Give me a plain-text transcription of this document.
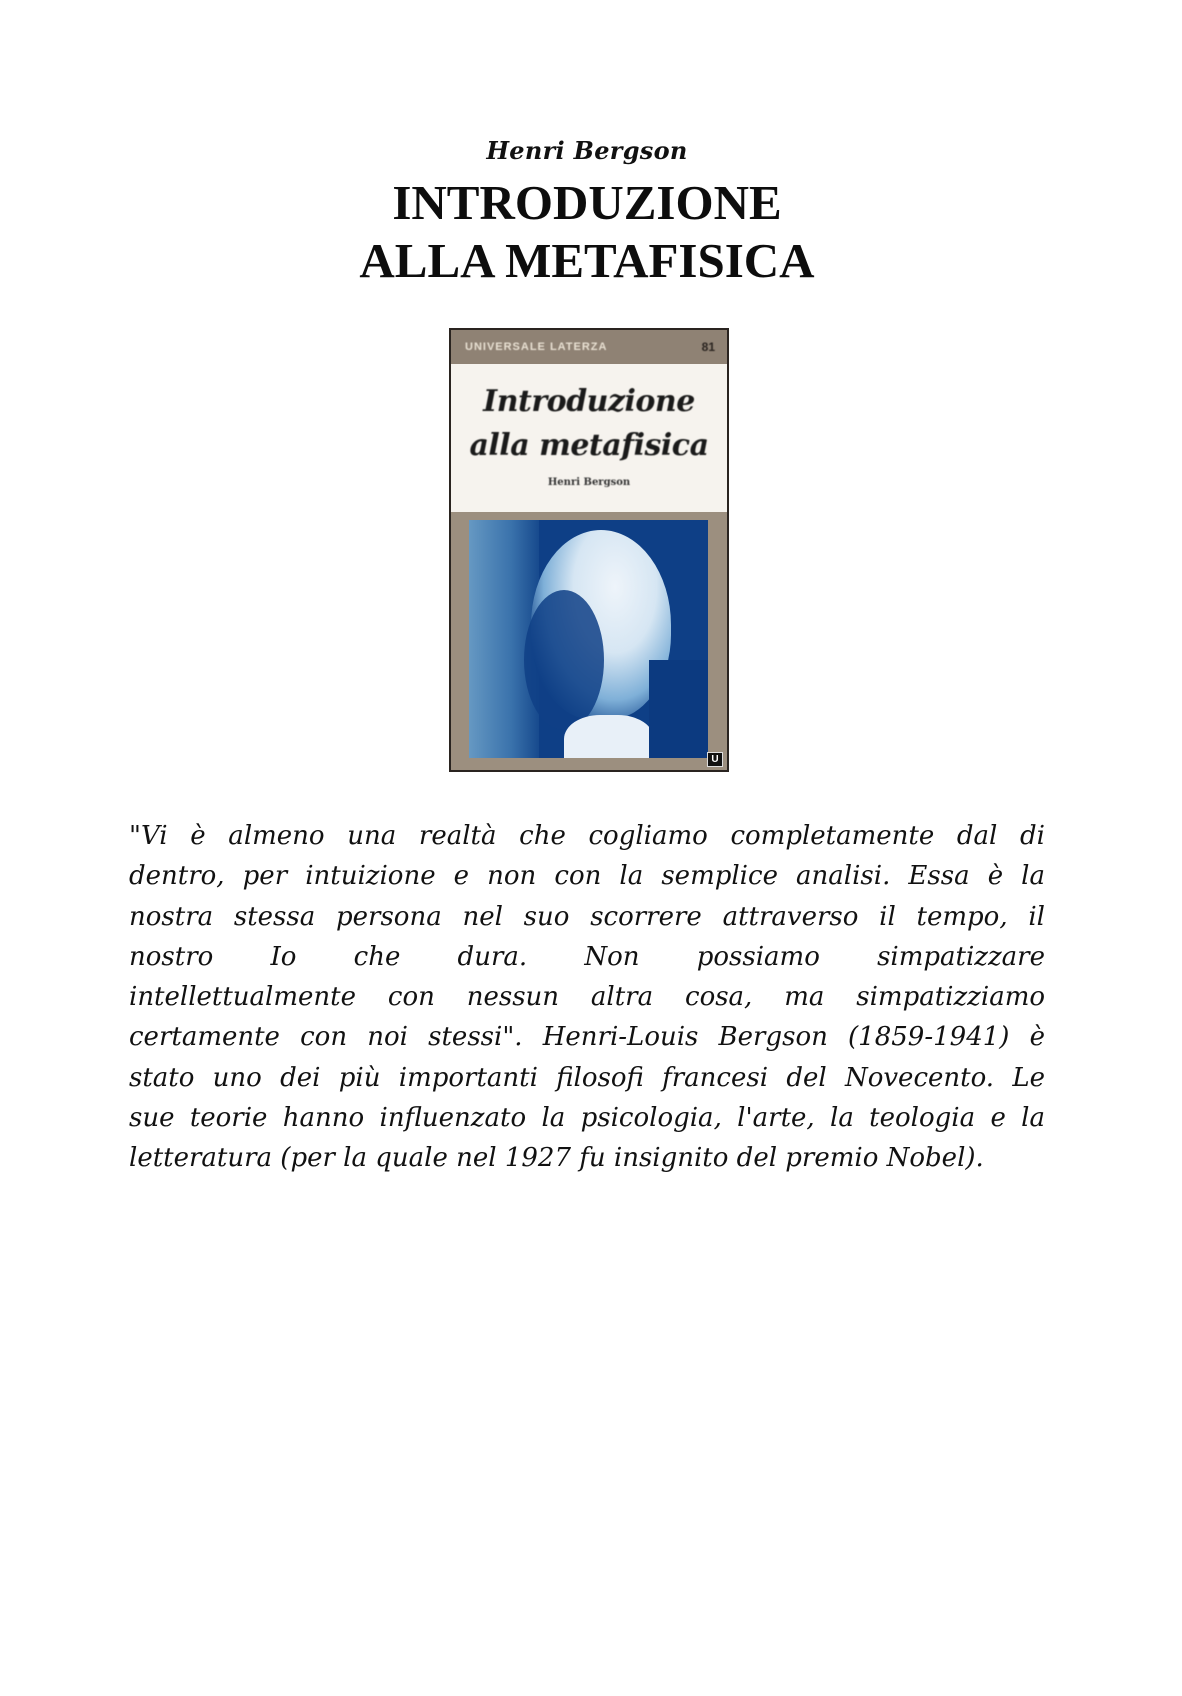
Henri Bergson
INTRODUZIONE
ALLA METAFISICA
UNIVERSALE LATERZA	81
Introduzione
alla metafisica
Henri Bergson
U
"Vi è almeno una realtà che cogliamo completamente dal di
dentro, per intuizione e non con la semplice analisi. Essa è la
nostra stessa persona nel suo scorrere attraverso il tempo, il
nostro Io che dura. Non possiamo simpatizzare
intellettualmente con nessun altra cosa, ma simpatizziamo
certamente con noi stessi". Henri-Louis Bergson (1859-1941) è
stato uno dei più importanti filosofi francesi del Novecento. Le
sue teorie hanno influenzato la psicologia, l'arte, la teologia e la
letteratura (per la quale nel 1927 fu insignito del premio Nobel).
